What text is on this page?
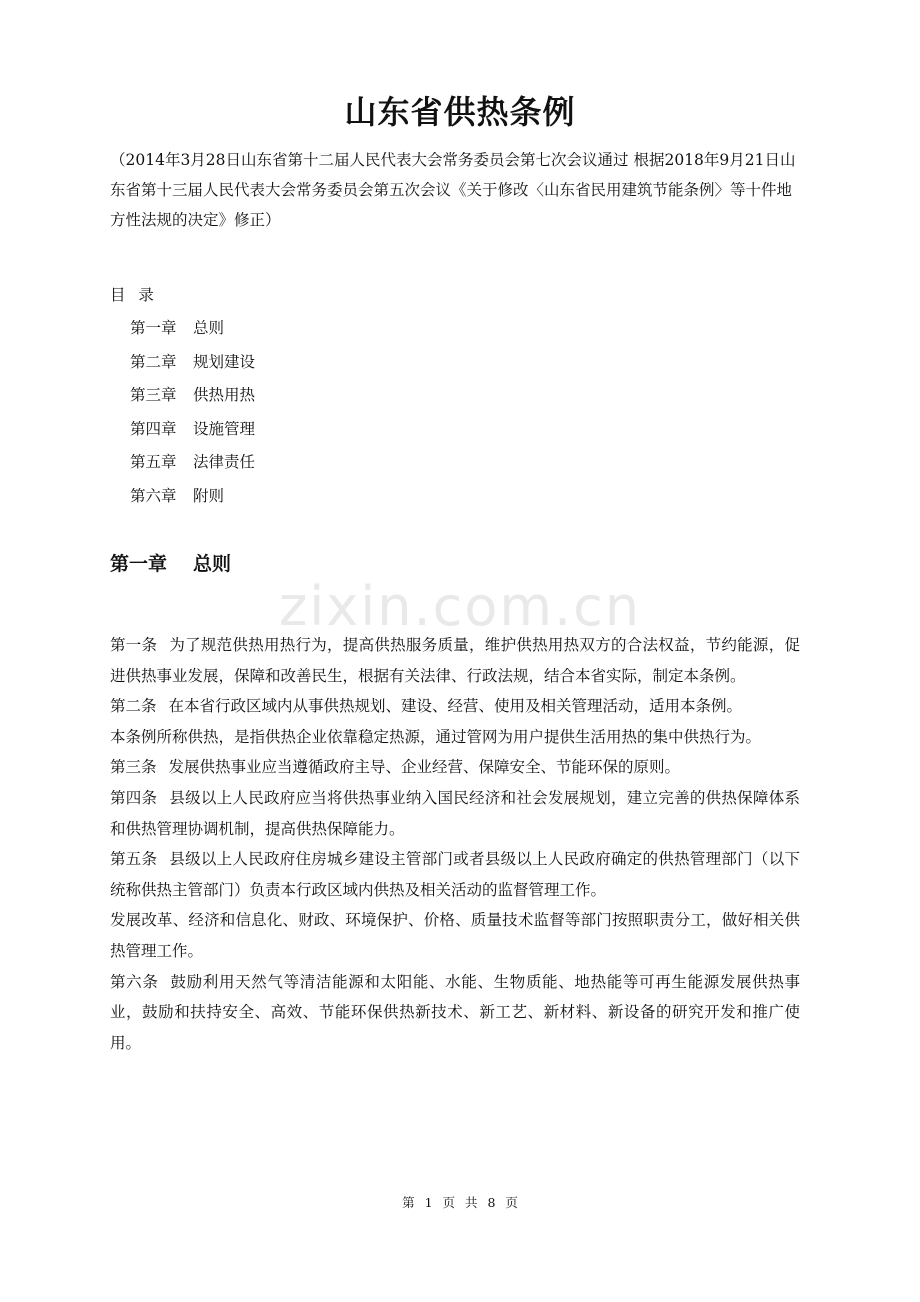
zixin.com.cn
山东省供热条例
（2014年3月28日山东省第十二届人民代表大会常务委员会第七次会议通过 根据2018年9月21日山东省第十三届人民代表大会常务委员会第五次会议《关于修改〈山东省民用建筑节能条例〉等十件地方性法规的决定》修正）
目 录
第一章	总则
第二章	规划建设
第三章	供热用热
第四章	设施管理
第五章	法律责任
第六章	附则
第一章 总则

第一条 为了规范供热用热行为，提高供热服务质量，维护供热用热双方的合法权益，节约能源，促进供热事业发展，保障和改善民生，根据有关法律、行政法规，结合本省实际，制定本条例。

第二条 在本省行政区域内从事供热规划、建设、经营、使用及相关管理活动，适用本条例。

本条例所称供热，是指供热企业依靠稳定热源，通过管网为用户提供生活用热的集中供热行为。

第三条 发展供热事业应当遵循政府主导、企业经营、保障安全、节能环保的原则。

第四条 县级以上人民政府应当将供热事业纳入国民经济和社会发展规划，建立完善的供热保障体系和供热管理协调机制，提高供热保障能力。

第五条 县级以上人民政府住房城乡建设主管部门或者县级以上人民政府确定的供热管理部门（以下统称供热主管部门）负责本行政区域内供热及相关活动的监督管理工作。

发展改革、经济和信息化、财政、环境保护、价格、质量技术监督等部门按照职责分工，做好相关供热管理工作。

第六条 鼓励利用天然气等清洁能源和太阳能、水能、生物质能、地热能等可再生能源发展供热事业，鼓励和扶持安全、高效、节能环保供热新技术、新工艺、新材料、新设备的研究开发和推广使用。

第 1 页 共 8 页
